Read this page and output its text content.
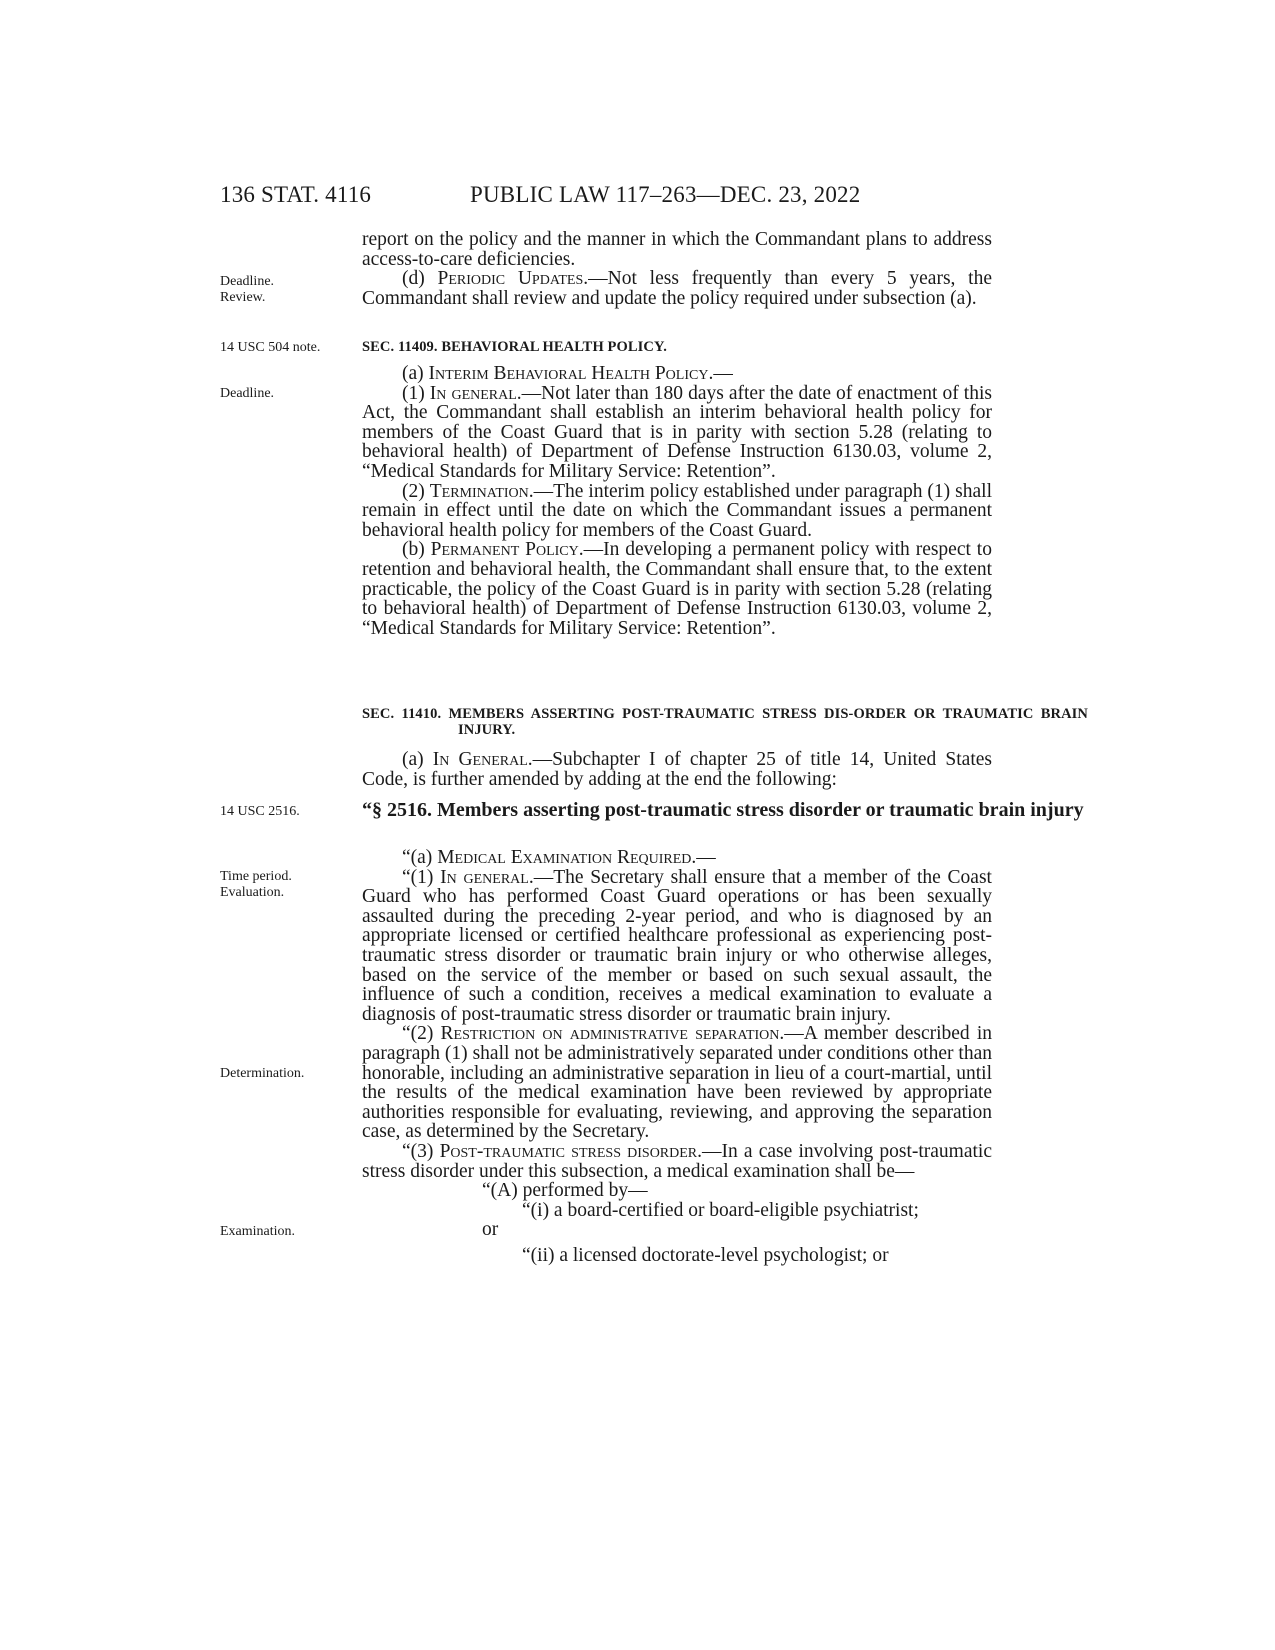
136 STAT. 4116	PUBLIC LAW 117–263—DEC. 23, 2022
Deadline.
Review.
14 USC 504 note.
Deadline.
14 USC 2516.
Time period.
Evaluation.
Determination.
Examination.

report on the policy and the manner in which the Commandant plans to address access-to-care deficiencies.

(d) Periodic Updates.—Not less frequently than every 5 years, the Commandant shall review and update the policy required under subsection (a).

SEC. 11409. BEHAVIORAL HEALTH POLICY.

(a) Interim Behavioral Health Policy.—

(1) In general.—Not later than 180 days after the date of enactment of this Act, the Commandant shall establish an interim behavioral health policy for members of the Coast Guard that is in parity with section 5.28 (relating to behavioral health) of Department of Defense Instruction 6130.03, volume 2, “Medical Standards for Military Service: Retention”.

(2) Termination.—The interim policy established under paragraph (1) shall remain in effect until the date on which the Commandant issues a permanent behavioral health policy for members of the Coast Guard.

(b) Permanent Policy.—In developing a permanent policy with respect to retention and behavioral health, the Commandant shall ensure that, to the extent practicable, the policy of the Coast Guard is in parity with section 5.28 (relating to behavioral health) of Department of Defense Instruction 6130.03, volume 2, “Medical Standards for Military Service: Retention”.

SEC. 11410. MEMBERS ASSERTING POST-TRAUMATIC STRESS DIS-ORDER OR TRAUMATIC BRAIN INJURY.

(a) In General.—Subchapter I of chapter 25 of title 14, United States Code, is further amended by adding at the end the following:

“§ 2516. Members asserting post-traumatic stress disorder or traumatic brain injury

“(a) Medical Examination Required.—

“(1) In general.—The Secretary shall ensure that a member of the Coast Guard who has performed Coast Guard operations or has been sexually assaulted during the preceding 2-year period, and who is diagnosed by an appropriate licensed or certified healthcare professional as experiencing post-traumatic stress disorder or traumatic brain injury or who otherwise alleges, based on the service of the member or based on such sexual assault, the influence of such a condition, receives a medical examination to evaluate a diagnosis of post-traumatic stress disorder or traumatic brain injury.

“(2) Restriction on administrative separation.—A member described in paragraph (1) shall not be administratively separated under conditions other than honorable, including an administrative separation in lieu of a court-martial, until the results of the medical examination have been reviewed by appropriate authorities responsible for evaluating, reviewing, and approving the separation case, as determined by the Secretary.

“(3) Post-traumatic stress disorder.—In a case involving post-traumatic stress disorder under this subsection, a medical examination shall be—

“(A) performed by—

“(i) a board-certified or board-eligible psychiatrist;

or

“(ii) a licensed doctorate-level psychologist; or
